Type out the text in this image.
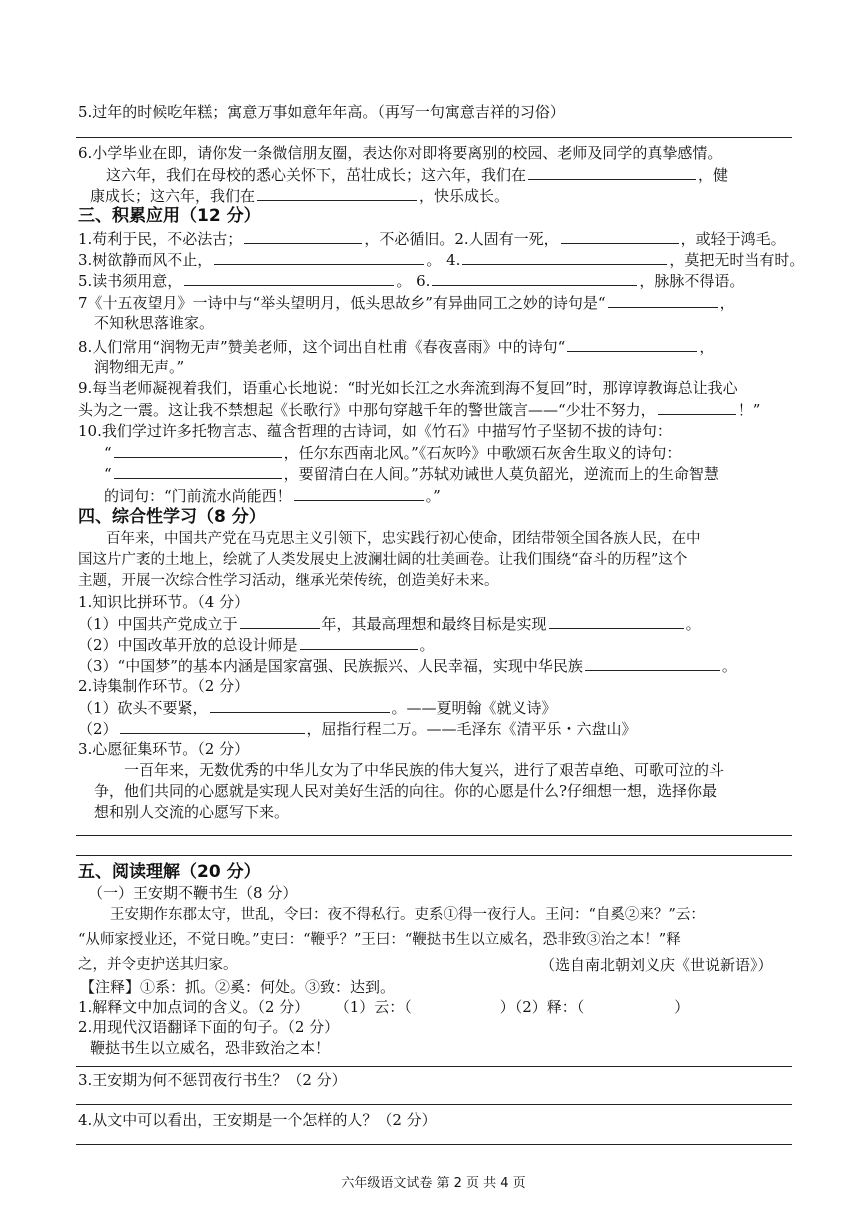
5.过年的时候吃年糕；寓意万事如意年年高。（再写一句寓意吉祥的习俗）
6.小学毕业在即，请你发一条微信朋友圈，表达你对即将要离别的校园、老师及同学的真挚感情。
这六年，我们在母校的悉心关怀下，茁壮成长；这六年，我们在	，健
康成长；这六年，我们在	，快乐成长。
三、积累应用（12 分）
1.苟利于民，不必法古；	，不必循旧。2.人固有一死，	，或轻于鸿毛。
3.树欲静而风不止，	。 4.	，莫把无时当有时。
5.读书须用意，	。 6.	，脉脉不得语。
7《十五夜望月》一诗中与“举头望明月，低头思故乡”有异曲同工之妙的诗句是“	，
不知秋思落谁家。
8.人们常用“润物无声”赞美老师，这个词出自杜甫《春夜喜雨》中的诗句“	，
润物细无声。”
9.每当老师凝视着我们，语重心长地说：“时光如长江之水奔流到海不复回”时，那谆谆教诲总让我心
头为之一震。这让我不禁想起《长歌行》中那句穿越千年的警世箴言——“少壮不努力，	！”
10.我们学过许多托物言志、蕴含哲理的古诗词，如《竹石》中描写竹子坚韧不拔的诗句：
“	，任尔东西南北风。”《石灰吟》中歌颂石灰舍生取义的诗句：
“	，要留清白在人间。”苏轼劝诫世人莫负韶光，逆流而上的生命智慧
的词句：“门前流水尚能西！	。”
四、综合性学习（8 分）
百年来，中国共产党在马克思主义引领下，忠实践行初心使命，团结带领全国各族人民，在中
国这片广袤的土地上，绘就了人类发展史上波澜壮阔的壮美画卷。让我们围绕“奋斗的历程”这个
主题，开展一次综合性学习活动，继承光荣传统，创造美好未来。
1.知识比拼环节。（4 分）
（1）中国共产党成立于	年，其最高理想和最终目标是实现	。
（2）中国改革开放的总设计师是	。
（3）“中国梦”的基本内涵是国家富强、民族振兴、人民幸福，实现中华民族	。
2.诗集制作环节。（2 分）
（1）砍头不要紧，	。——夏明翰《就义诗》
（2）	，屈指行程二万。——毛泽东《清平乐・六盘山》
3.心愿征集环节。（2 分）
一百年来，无数优秀的中华儿女为了中华民族的伟大复兴，进行了艰苦卓绝、可歌可泣的斗
争，他们共同的心愿就是实现人民对美好生活的向往。你的心愿是什么?仔细想一想，选择你最
想和别人交流的心愿写下来。
五、阅读理解（20 分）
（一）王安期不鞭书生（8 分）
王安期作东郡太守，世乱，令曰：夜不得私行。吏系①得一夜行人。王问：“自奚②来？”云：
“从师家授业还，不觉日晚。”吏曰：“鞭乎？”王曰：“鞭挞书生以立威名，恐非致③治之本！”释
之，并令吏护送其归家。	（选自南北朝刘义庆《世说新语》）
【注释】①系：抓。②奚：何处。③致：达到。
1.解释文中加点词的含义。（2 分） （1）云：（	）（2）释：（	）
2.用现代汉语翻译下面的句子。（2 分）
鞭挞书生以立威名，恐非致治之本！
3.王安期为何不惩罚夜行书生？（2 分）
4.从文中可以看出，王安期是一个怎样的人？（2 分）
六年级语文试卷 第 2 页 共 4 页
